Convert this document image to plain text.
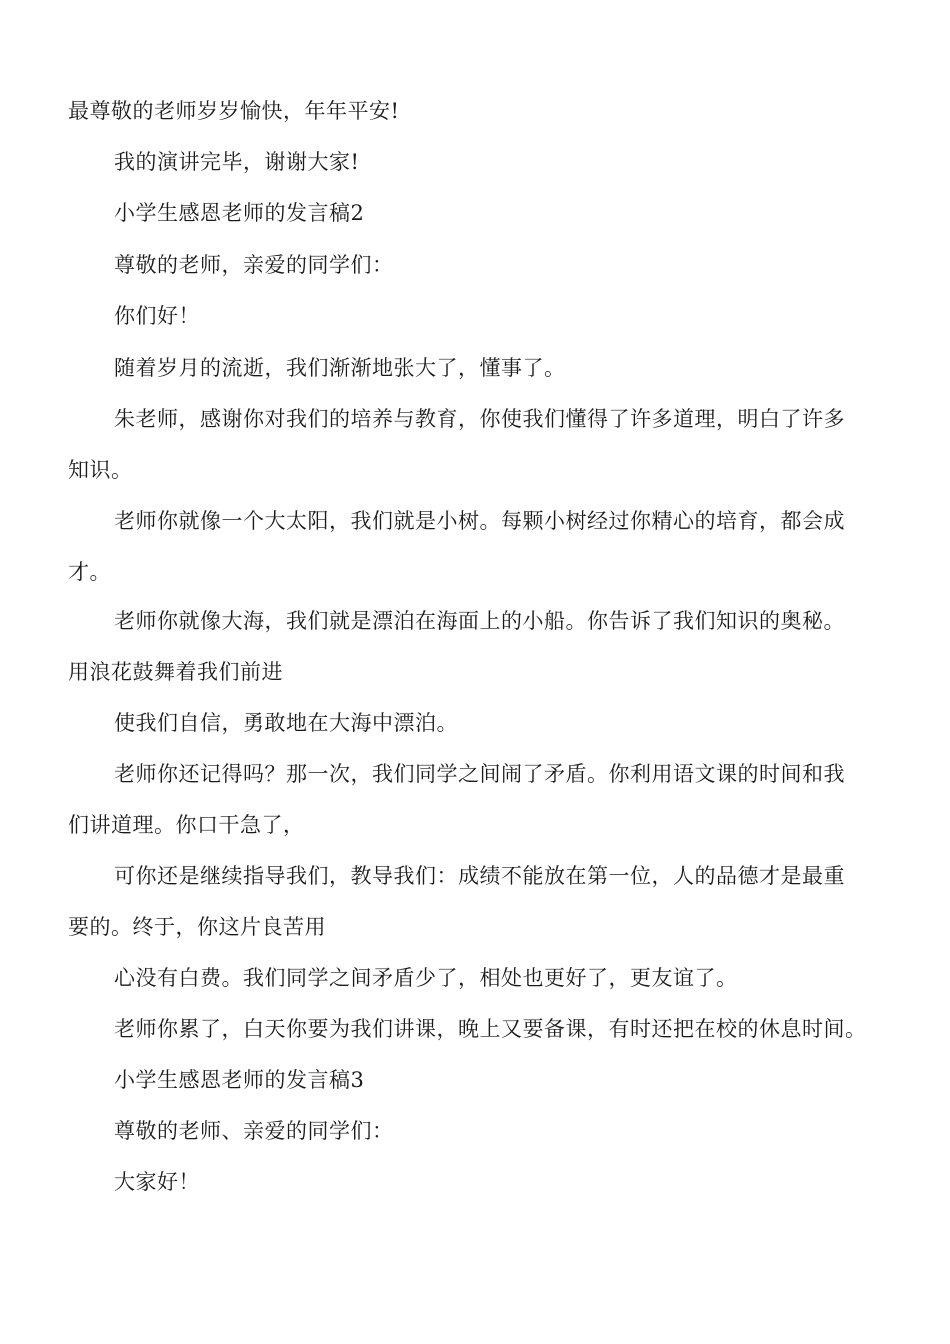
最尊敬的老师岁岁愉快，年年平安!
我的演讲完毕，谢谢大家!
小学生感恩老师的发言稿2
尊敬的老师，亲爱的同学们：
你们好！
随着岁月的流逝，我们渐渐地张大了，懂事了。
朱老师，感谢你对我们的培养与教育，你使我们懂得了许多道理，明白了许多
知识。
老师你就像一个大太阳，我们就是小树。每颗小树经过你精心的培育，都会成
才。
老师你就像大海，我们就是漂泊在海面上的小船。你告诉了我们知识的奥秘。
用浪花鼓舞着我们前进
使我们自信，勇敢地在大海中漂泊。
老师你还记得吗？那一次，我们同学之间闹了矛盾。你利用语文课的时间和我
们讲道理。你口干急了，
可你还是继续指导我们，教导我们：成绩不能放在第一位，人的品德才是最重
要的。终于，你这片良苦用
心没有白费。我们同学之间矛盾少了，相处也更好了，更友谊了。
老师你累了，白天你要为我们讲课，晚上又要备课，有时还把在校的休息时间。
小学生感恩老师的发言稿3
尊敬的老师、亲爱的同学们：
大家好！
